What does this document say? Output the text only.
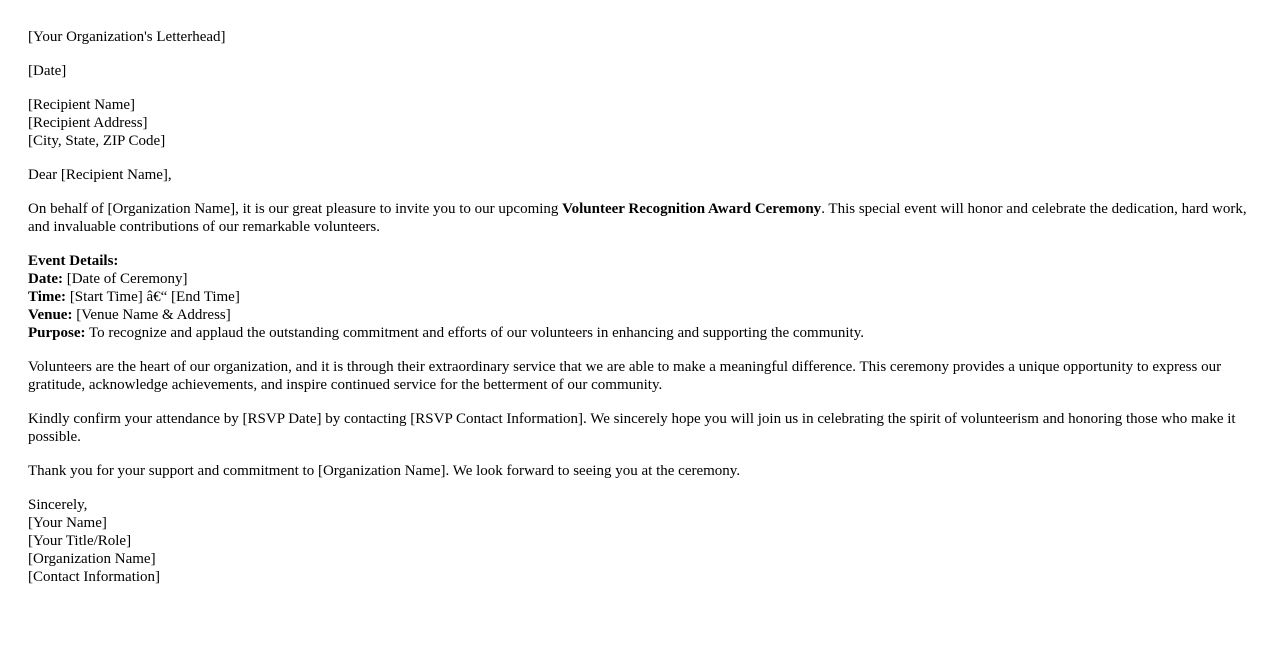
[Your Organization's Letterhead]

[Date]

[Recipient Name]
[Recipient Address]
[City, State, ZIP Code]

Dear [Recipient Name],

On behalf of [Organization Name], it is our great pleasure to invite you to our upcoming Volunteer Recognition Award Ceremony. This special event will honor and celebrate the dedication, hard work, and invaluable contributions of our remarkable volunteers.

Event Details:
Date: [Date of Ceremony]
Time: [Start Time] â€“ [End Time]
Venue: [Venue Name & Address]
Purpose: To recognize and applaud the outstanding commitment and efforts of our volunteers in enhancing and supporting the community.

Volunteers are the heart of our organization, and it is through their extraordinary service that we are able to make a meaningful difference. This ceremony provides a unique opportunity to express our gratitude, acknowledge achievements, and inspire continued service for the betterment of our community.

Kindly confirm your attendance by [RSVP Date] by contacting [RSVP Contact Information]. We sincerely hope you will join us in celebrating the spirit of volunteerism and honoring those who make it possible.

Thank you for your support and commitment to [Organization Name]. We look forward to seeing you at the ceremony.

Sincerely,
[Your Name]
[Your Title/Role]
[Organization Name]
[Contact Information]
